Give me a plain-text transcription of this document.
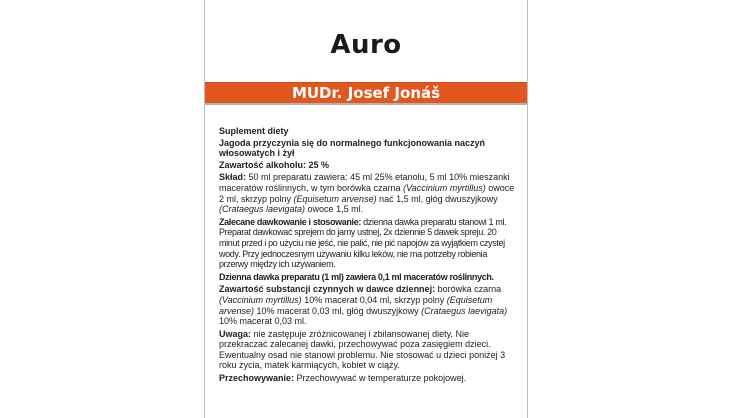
Auro
MUDr. Josef Jonáš

Suplement diety

Jagoda przyczynia się do normalnego funkcjonowania naczyń włosowatych i żył

Zawartość alkoholu: 25 %

Skład: 50 ml preparatu zawiera: 45 ml 25% etanolu, 5 ml 10% mieszanki maceratów roślinnych, w tym borówka czarna (Vaccinium myrtillus) owoce 2 ml, skrzyp polny (Equisetum arvense) nać 1,5 ml, głóg dwuszyjkowy (Crataegus laevigata) owoce 1,5 ml.

Zalecane dawkowanie i stosowanie: dzienna dawka preparatu stanowi 1 ml. Preparat dawkować sprejem do jamy ustnej, 2x dziennie 5 dawek spreju. 20 minut przed i po użyciu nie jeść, nie palić, nie pić napojów za wyjątkiem czystej wody. Przy jednoczesnym używaniu kilku leków, nie ma potrzeby robienia przerwy między ich używaniem.

Dzienna dawka preparatu (1 ml) zawiera 0,1 ml maceratów roślinnych.

Zawartość substancji czynnych w dawce dziennej: borówka czarna (Vaccinium myrtillus) 10% macerat 0,04 ml, skrzyp polny (Equisetum arvense) 10% macerat 0,03 ml, głóg dwuszyjkowy (Crataegus laevigata) 10% macerat 0,03 ml.

Uwaga: nie zastępuje zróżnicowanej i zbilansowanej diety. Nie przekraczać zalecanej dawki, przechowywać poza zasięgiem dzieci. Ewentualny osad nie stanowi problemu. Nie stosować u dzieci poniżej 3 roku życia, matek karmiących, kobiet w ciąży.

Przechowywanie: Przechowywać w temperaturze pokojowej.
